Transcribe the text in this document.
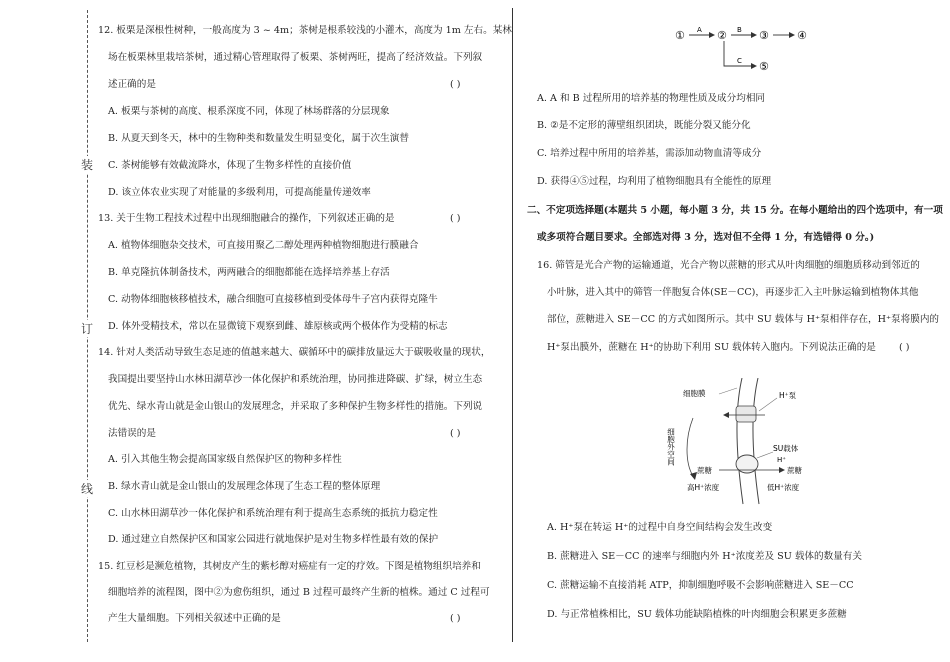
装
订
线
12. 板栗是深根性树种，一般高度为 3 ~ 4m；茶树是根系较浅的小灌木，高度为 1m 左右。某林
场在板栗林里栽培茶树，通过精心管理取得了板栗、茶树两旺，提高了经济效益。下列叙
述正确的是	( )
A. 板栗与茶树的高度、根系深度不同，体现了林场群落的分层现象
B. 从夏天到冬天，林中的生物种类和数量发生明显变化，属于次生演替
C. 茶树能够有效截流降水，体现了生物多样性的直接价值
D. 该立体农业实现了对能量的多级利用，可提高能量传递效率
13. 关于生物工程技术过程中出现细胞融合的操作，下列叙述正确的是	( )
A. 植物体细胞杂交技术，可直接用聚乙二醇处理两种植物细胞进行膜融合
B. 单克隆抗体制备技术，两两融合的细胞都能在选择培养基上存活
C. 动物体细胞核移植技术，融合细胞可直接移植到受体母牛子宫内获得克隆牛
D. 体外受精技术，常以在显微镜下观察到雌、雄原核或两个极体作为受精的标志
14. 针对人类活动导致生态足迹的值越来越大、碳循环中的碳排放量远大于碳吸收量的现状，
我国提出要坚持山水林田湖草沙一体化保护和系统治理，协同推进降碳、扩绿，树立生态
优先、绿水青山就是金山银山的发展理念，并采取了多种保护生物多样性的措施。下列说
法错误的是	( )
A. 引入其他生物会提高国家级自然保护区的物种多样性
B. 绿水青山就是金山银山的发展理念体现了生态工程的整体原理
C. 山水林田湖草沙一体化保护和系统治理有利于提高生态系统的抵抗力稳定性
D. 通过建立自然保护区和国家公园进行就地保护是对生物多样性最有效的保护
15. 红豆杉是濒危植物，其树皮产生的紫杉醇对癌症有一定的疗效。下图是植物组织培养和
细胞培养的流程图，图中②为愈伤组织，通过 B 过程可最终产生新的植株。通过 C 过程可
产生大量细胞。下列相关叙述中正确的是	( )
① A ② B ③	④
C ⑤
A. A 和 B 过程所用的培养基的物理性质及成分均相同
B. ②是不定形的薄壁组织团块，既能分裂又能分化
C. 培养过程中所用的培养基，需添加动物血清等成分
D. 获得④⑤过程，均利用了植物细胞具有全能性的原理
二、不定项选择题(本题共 5 小题，每小题 3 分，共 15 分。在每小题给出的四个选项中，有一项
或多项符合题目要求。全部选对得 3 分，选对但不全得 1 分，有选错得 0 分。)
16. 筛管是光合产物的运输通道，光合产物以蔗糖的形式从叶肉细胞的细胞质移动到邻近的
小叶脉，进入其中的筛管一伴胞复合体(SE－CC)，再逐步汇入主叶脉运输到植物体其他
部位，蔗糖进入 SE－CC 的方式如图所示。其中 SU 载体与 H⁺泵相伴存在，H⁺泵将膜内的
H⁺泵出膜外，蔗糖在 H⁺的协助下利用 SU 载体转入胞内。下列说法正确的是 ( )
H⁺泵
细胞膜
细胞外空间	SU载体
H⁺
蔗糖	蔗糖
高H⁺浓度	低H⁺浓度
A. H⁺泵在转运 H⁺的过程中自身空间结构会发生改变
B. 蔗糖进入 SE－CC 的速率与细胞内外 H⁺浓度差及 SU 载体的数量有关
C. 蔗糖运输不直接消耗 ATP，抑制细胞呼吸不会影响蔗糖进入 SE－CC
D. 与正常植株相比，SU 载体功能缺陷植株的叶肉细胞会积累更多蔗糖
